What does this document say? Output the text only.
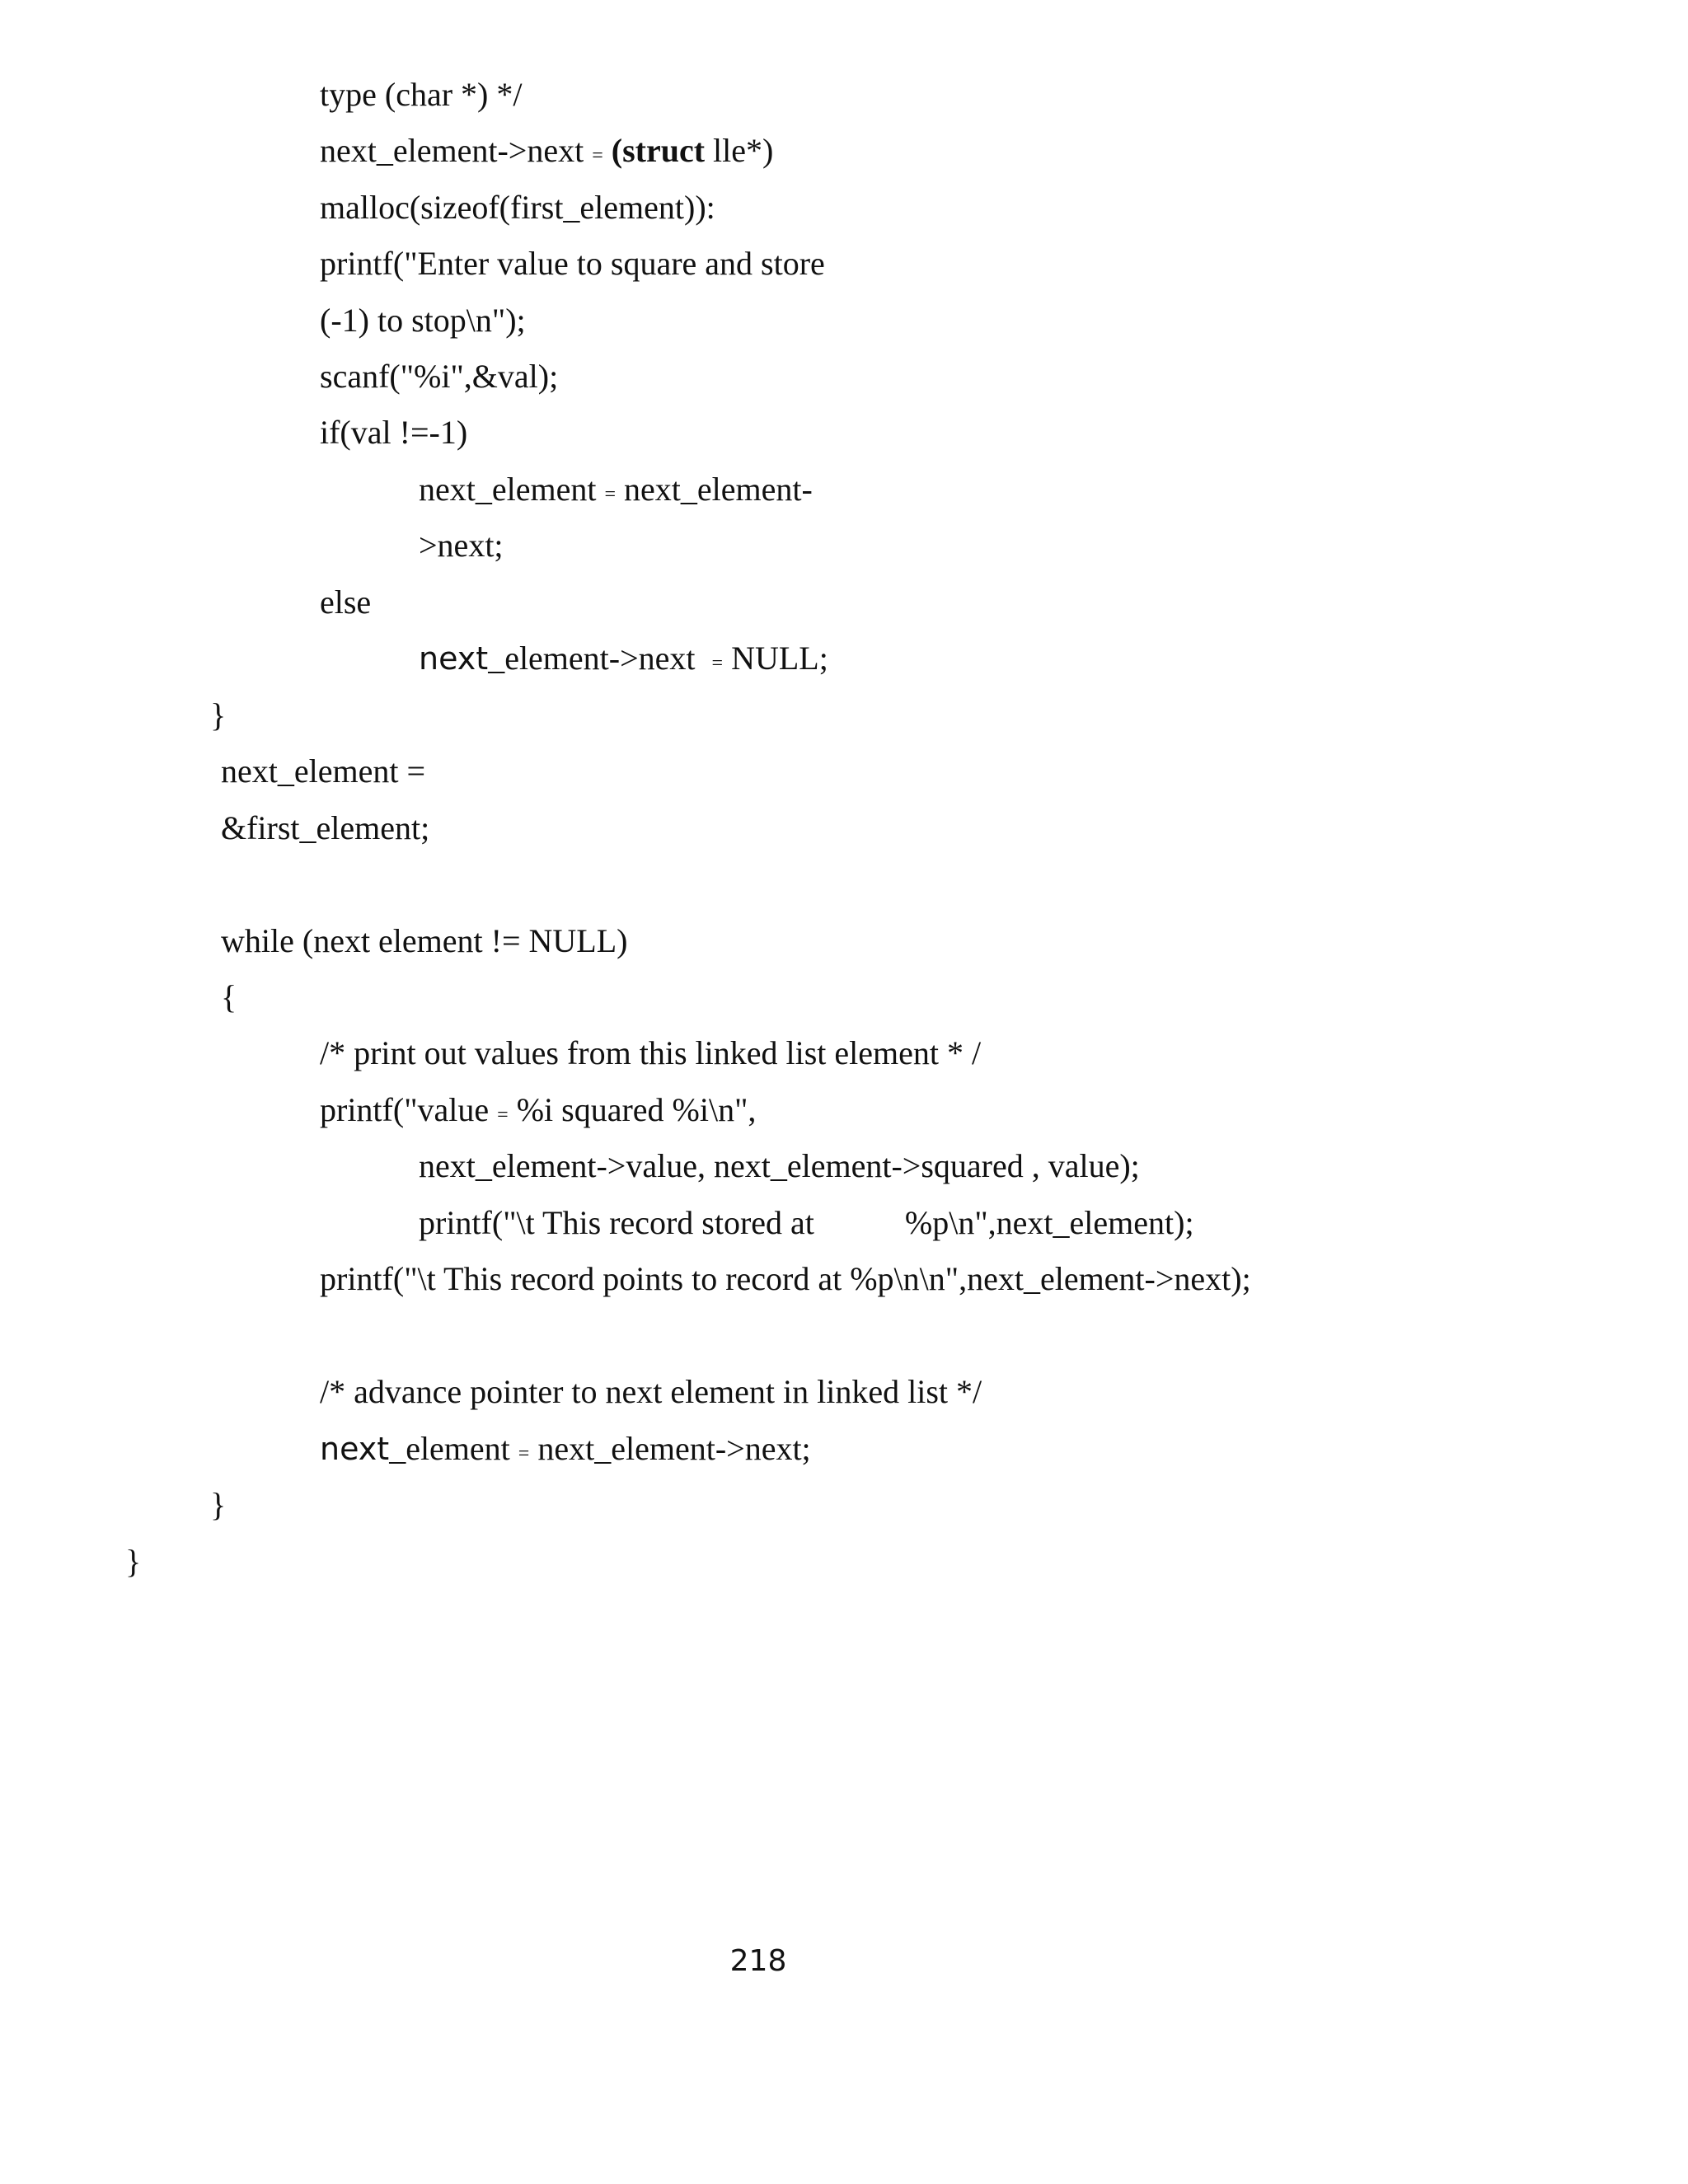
type (char *) */

next_element->next = (struct lle*)

malloc(sizeof(first_element)):

printf("Enter value to square and store

(-1) to stop\n");

scanf("%i",&val);

if(val !=-1)

next_element = next_element-

>next;

else

next_element->next = NULL;

}

next_element =

&first_element;

while (next element != NULL)

{

/* print out values from this linked list element * /

printf("value = %i squared %i\n",

next_element->value, next_element->squared , value);

printf("\t This record stored at	%p\n",next_element);

printf("\t This record points to record at %p\n\n",next_element->next);

/* advance pointer to next element in linked list */

next_element = next_element->next;

}

}

218
